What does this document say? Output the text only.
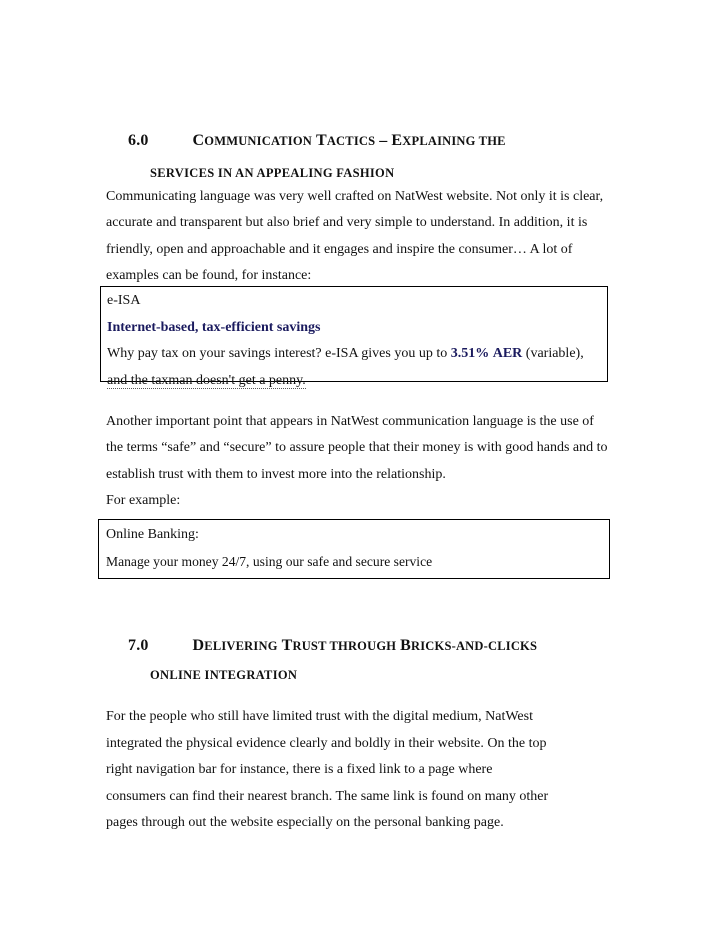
6.0	COMMUNICATION TACTICS – EXPLAINING THE
SERVICES IN AN APPEALING FASHION
Communicating language was very well crafted on NatWest website. Not only it is clear,
accurate and transparent but also brief and very simple to understand. In addition, it is
friendly, open and approachable and it engages and inspire the consumer… A lot of
examples can be found, for instance:
e-ISA
Internet-based, tax-efficient savings
Why pay tax on your savings interest? e-ISA gives you up to 3.51% AER (variable),
and the taxman doesn't get a penny.
Another important point that appears in NatWest communication language is the use of
the terms “safe” and “secure” to assure people that their money is with good hands and to
establish trust with them to invest more into the relationship.
For example:
Online Banking:
Manage your money 24/7, using our safe and secure service
7.0	DELIVERING TRUST THROUGH BRICKS-AND-CLICKS
ONLINE INTEGRATION
For the people who still have limited trust with the digital medium, NatWest
integrated the physical evidence clearly and boldly in their website. On the top
right navigation bar for instance, there is a fixed link to a page where
consumers can find their nearest branch. The same link is found on many other
pages through out the website especially on the personal banking page.
